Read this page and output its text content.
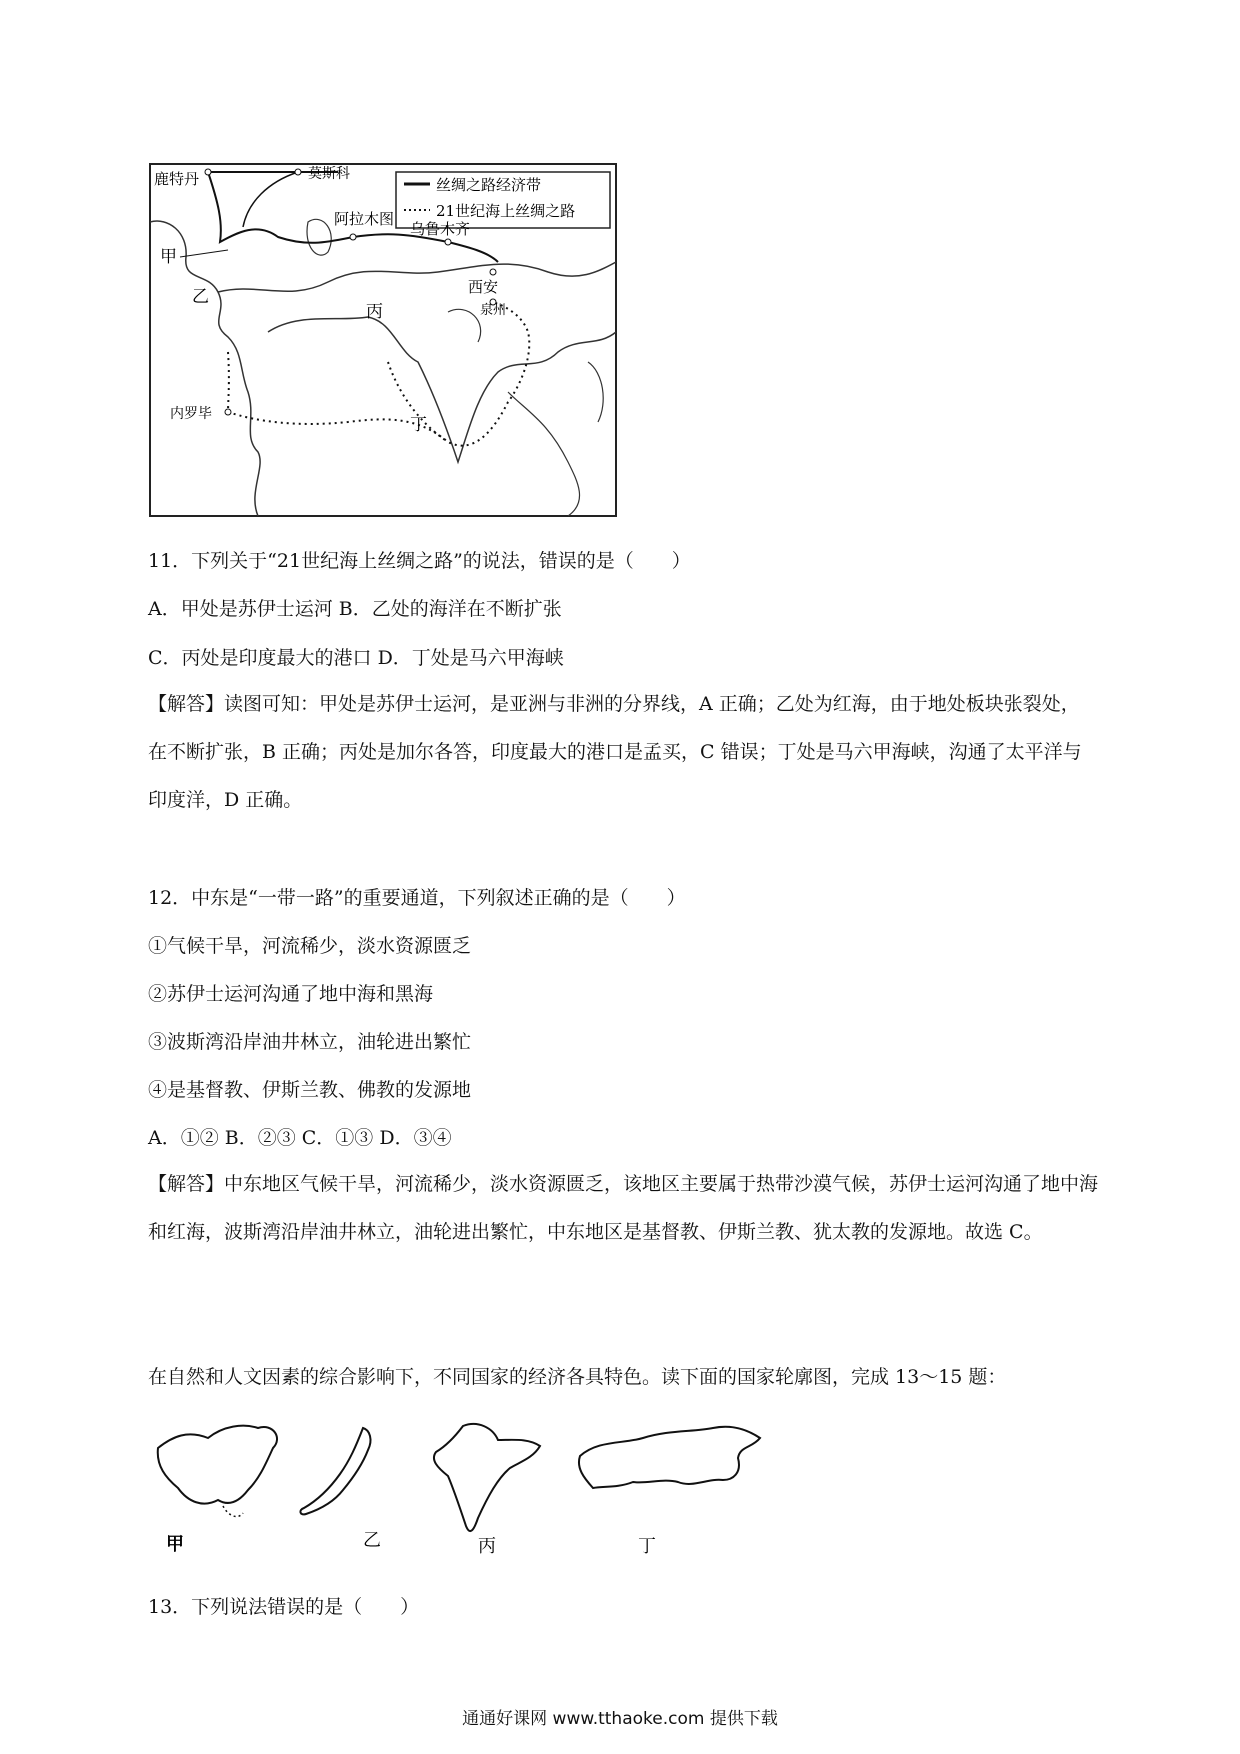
丝绸之路经济带
21世纪海上丝绸之路
鹿特丹	莫斯科
阿拉木图
乌鲁木齐
西安
泉州
内罗毕
甲
乙
丙
丁
11．下列关于“21世纪海上丝绸之路”的说法，错误的是（　　）
A．甲处是苏伊士运河 B．乙处的海洋在不断扩张
C．丙处是印度最大的港口 D．丁处是马六甲海峡
【解答】读图可知：甲处是苏伊士运河，是亚洲与非洲的分界线，A 正确；乙处为红海，由于地处板块张裂处，在不断扩张，B 正确；丙处是加尔各答，印度最大的港口是孟买，C 错误；丁处是马六甲海峡，沟通了太平洋与印度洋，D 正确。
12．中东是“一带一路”的重要通道，下列叙述正确的是（　　）
①气候干旱，河流稀少，淡水资源匮乏
②苏伊士运河沟通了地中海和黑海
③波斯湾沿岸油井林立，油轮进出繁忙
④是基督教、伊斯兰教、佛教的发源地
A．①② B．②③ C．①③ D．③④
【解答】中东地区气候干旱，河流稀少，淡水资源匮乏，该地区主要属于热带沙漠气候，苏伊士运河沟通了地中海和红海，波斯湾沿岸油井林立，油轮进出繁忙，中东地区是基督教、伊斯兰教、犹太教的发源地。故选 C。
在自然和人文因素的综合影响下，不同国家的经济各具特色。读下面的国家轮廓图，完成 13～15 题：
甲	乙	丙	丁
13．下列说法错误的是（　　）
通通好课网 www.tthaoke.com 提供下载
